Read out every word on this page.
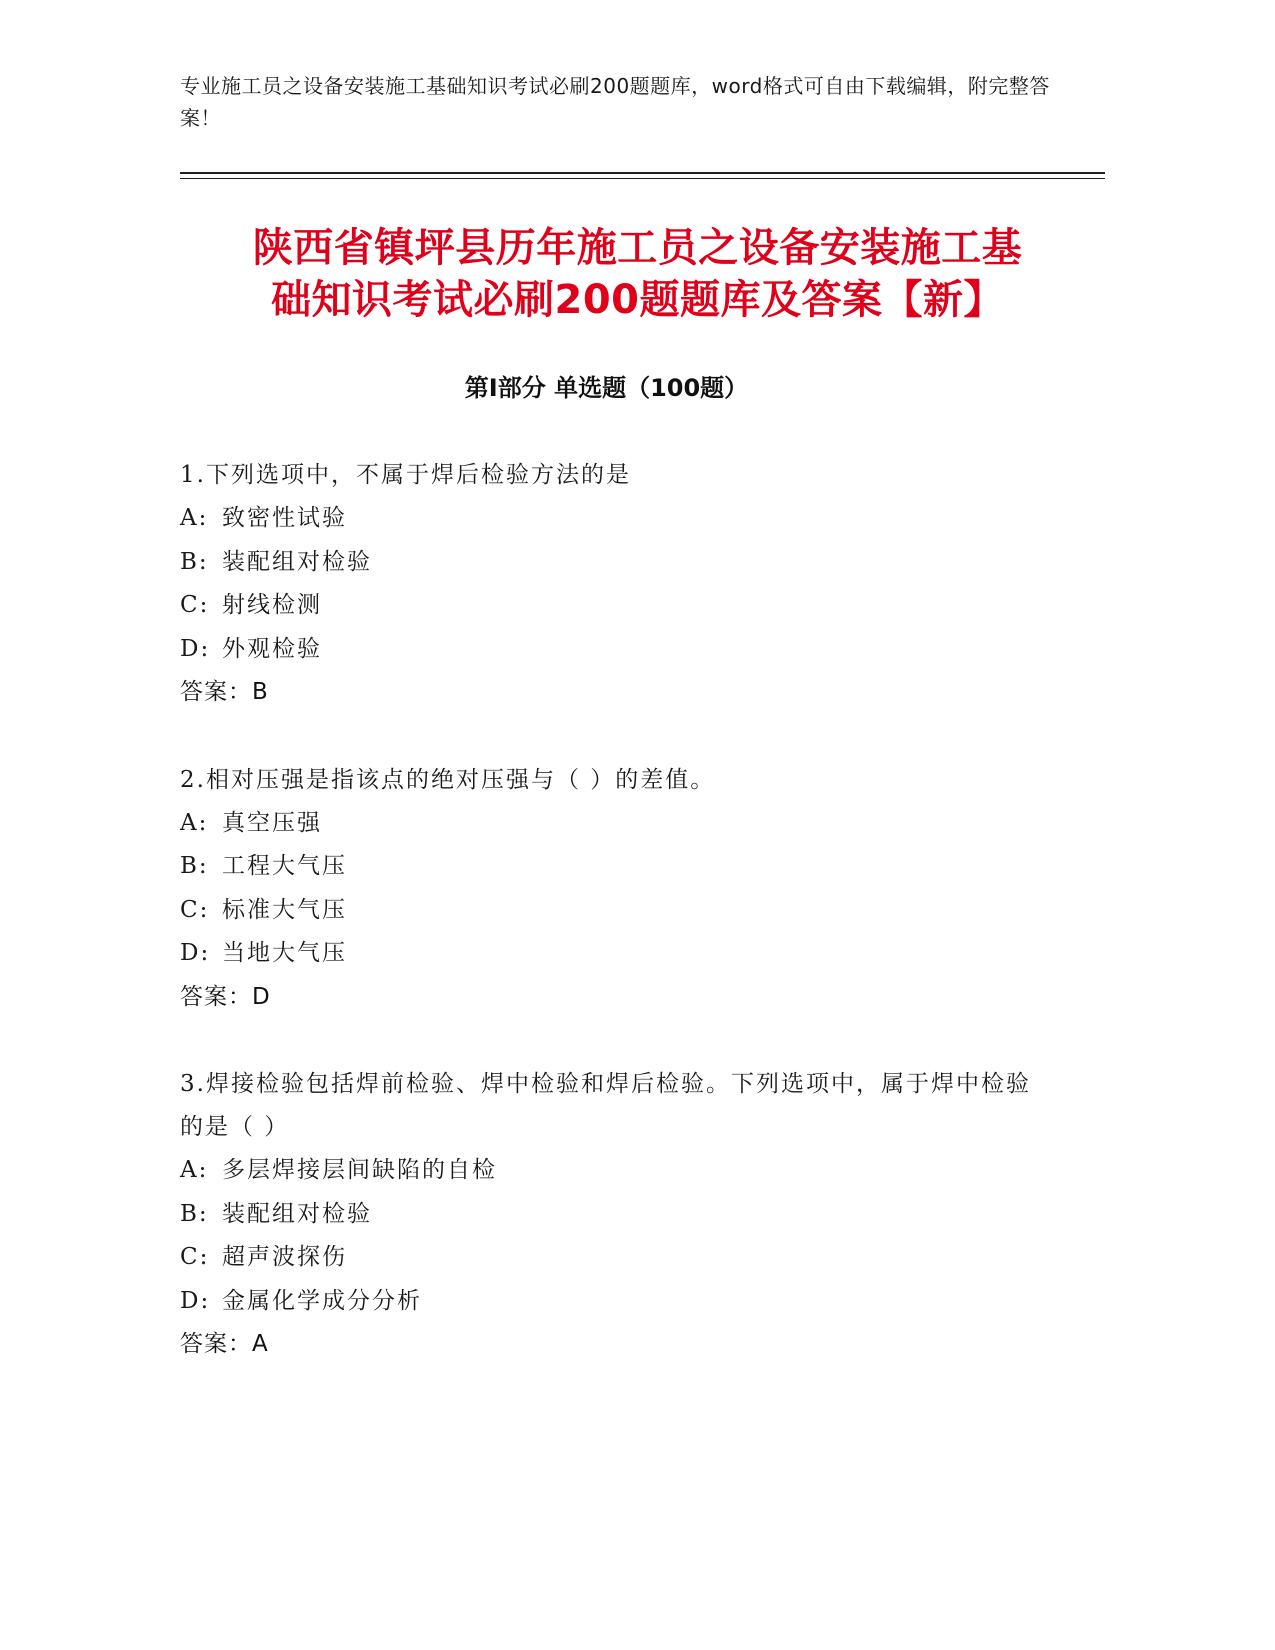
专业施工员之设备安装施工基础知识考试必刷200题题库，word格式可自由下载编辑，附完整答案！
陕西省镇坪县历年施工员之设备安装施工基
础知识考试必刷200题题库及答案【新】
第I部分 单选题（100题）
1.下列选项中，不属于焊后检验方法的是
A: 致密性试验
B: 装配组对检验
C: 射线检测
D: 外观检验
答案：B
2.相对压强是指该点的绝对压强与（ ）的差值。
A: 真空压强
B: 工程大气压
C: 标准大气压
D: 当地大气压
答案：D
3.焊接检验包括焊前检验、焊中检验和焊后检验。下列选项中，属于焊中检验的是（ ）
A: 多层焊接层间缺陷的自检
B: 装配组对检验
C: 超声波探伤
D: 金属化学成分分析
答案：A
